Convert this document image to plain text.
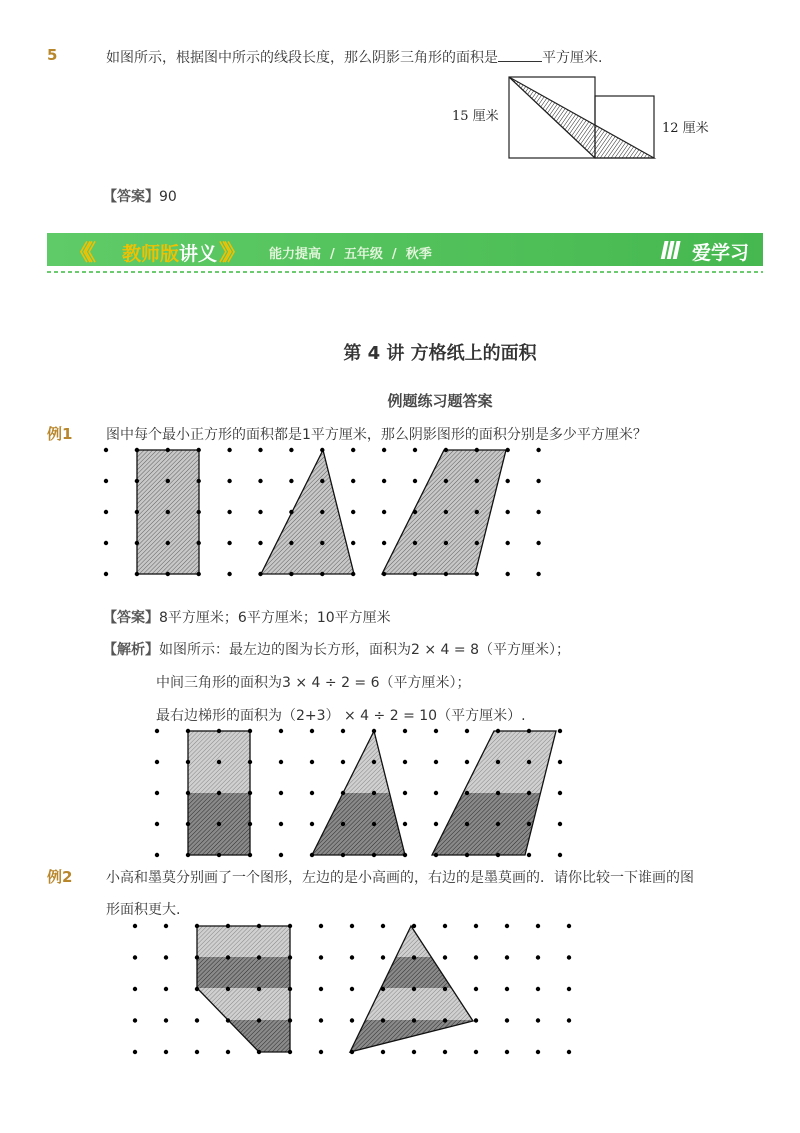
5	如图所示，根据图中所示的线段长度，那么阴影三角形的面积是	平方厘米.
15 厘米
12 厘米
【答案】90
《《 教师版讲义 》》 能力提高  /  五年级  /  秋季	爱学习
第 4 讲 方格纸上的面积
例题练习题答案
例1 图中每个最小正方形的面积都是1平方厘米，那么阴影图形的面积分别是多少平方厘米？
【答案】8平方厘米；6平方厘米；10平方厘米
【解析】如图所示：最左边的图为长方形，面积为2 × 4 = 8（平方厘米）；
中间三角形的面积为3 × 4 ÷ 2 = 6（平方厘米）；
最右边梯形的面积为（2+3） × 4 ÷ 2 = 10（平方厘米）.
例2 小高和墨莫分别画了一个图形，左边的是小高画的，右边的是墨莫画的．请你比较一下谁画的图
形面积更大.
